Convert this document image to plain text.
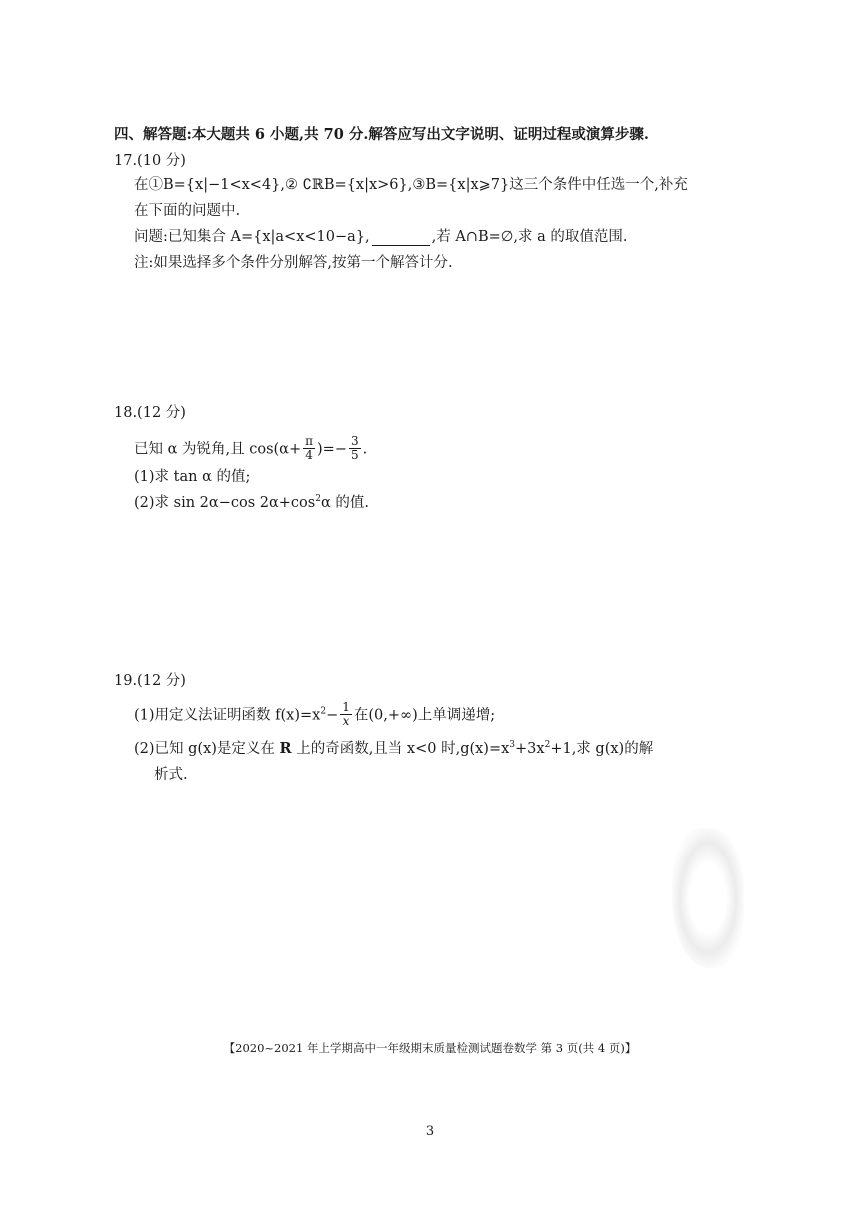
四、解答题:本大题共 6 小题,共 70 分.解答应写出文字说明、证明过程或演算步骤.
17.(10 分)
在①B={x|−1<x<4},② ∁ℝB={x|x>6},③B={x|x⩾7}这三个条件中任选一个,补充
在下面的问题中.
问题:已知集合 A={x|a<x<10−a},	,若 A∩B=∅,求 a 的取值范围.
注:如果选择多个条件分别解答,按第一个解答计分.
18.(12 分)
已知 α 为锐角,且 $\cos(\alpha+ \frac{\pi}{4}$ )=− $\frac{3}{5}$ .
(1)求 tan α 的值;
(2)求 sin 2α−cos $2\alpha+\cos^2\alpha$ 的值.
19.(12 分)
(1)用定义法证明函数 $f(x)=x^2- \frac{1}{x}$ 在(0,+∞)上单调递增;
(2)已知 g(x)是定义在 R 上的奇函数,且当 x<0 时$,g(x)=x^3+3x^2+1$,求 g(x)的解
析式.
【2020~2021 年上学期高中一年级期末质量检测试题卷数学 第 3 页(共 4 页)】
3
